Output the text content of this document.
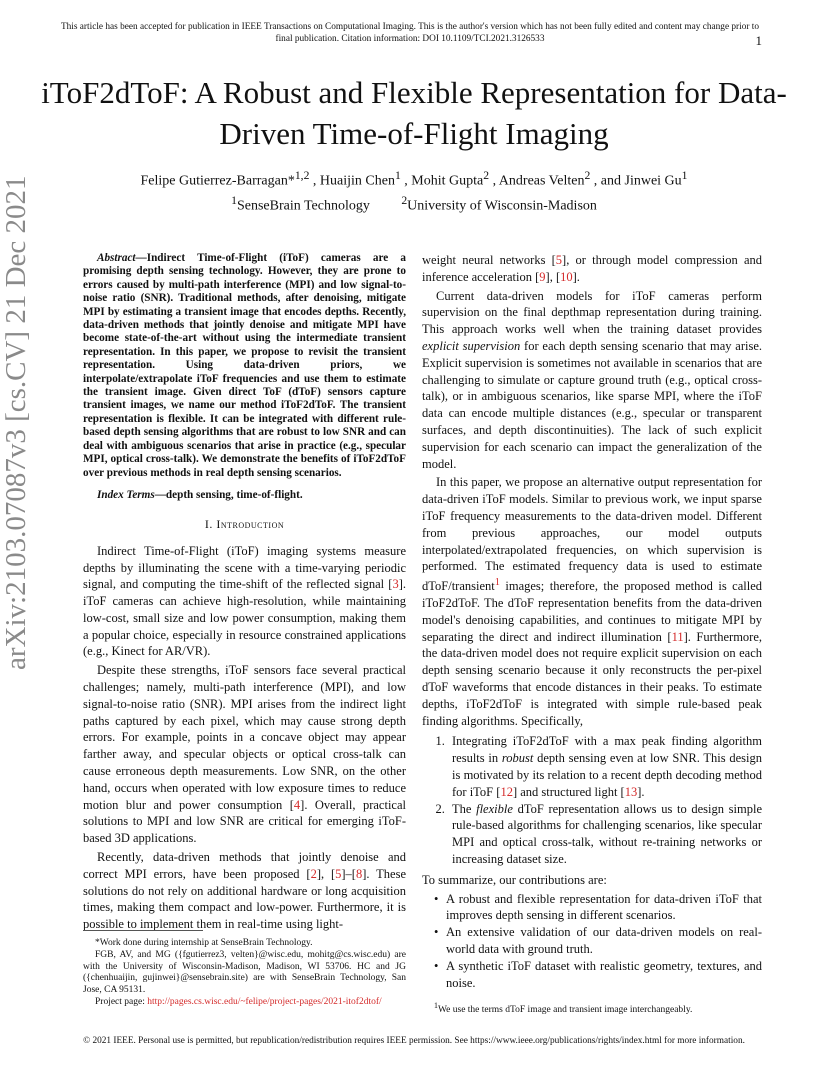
This article has been accepted for publication in IEEE Transactions on Computational Imaging. This is the author's version which has not been fully edited and content may change prior to final publication. Citation information: DOI 10.1109/TCI.2021.3126533	1
iToF2dToF: A Robust and Flexible Representation for Data-Driven Time-of-Flight Imaging
Felipe Gutierrez-Barragan*$^{1,2}$ , Huaijin Chen$^1$ , Mohit Gupta$^2$ , Andreas Velten$^2$ , and Jinwei Gu$^1$
$^1$SenseBrain Technology         $^2$University of Wisconsin-Madison
arXiv:2103.07087v3 [cs.CV] 21 Dec 2021	Abstract—Indirect Time-of-Flight (iToF) cameras are a promising depth sensing technology. However, they are prone to errors caused by multi-path interference (MPI) and low signal-to-noise ratio (SNR). Traditional methods, after denoising, mitigate MPI by estimating a transient image that encodes depths. Recently, data-driven methods that jointly denoise and mitigate MPI have become state-of-the-art without using the intermediate transient representation. In this paper, we propose to revisit the transient representation. Using data-driven priors, we interpolate/extrapolate iToF frequencies and use them to estimate the transient image. Given direct ToF (dToF) sensors capture transient images, we name our method iToF2dToF. The transient representation is flexible. It can be integrated with different rule-based depth sensing algorithms that are robust to low SNR and can deal with ambiguous scenarios that arise in practice (e.g., specular MPI, optical cross-talk). We demonstrate the benefits of iToF2dToF over previous methods in real depth sensing scenarios.

Index Terms—depth sensing, time-of-flight.

I. Introduction

Indirect Time-of-Flight (iToF) imaging systems measure depths by illuminating the scene with a time-varying periodic signal, and computing the time-shift of the reflected signal [3]. iToF cameras can achieve high-resolution, while maintaining low-cost, small size and low power consumption, making them a popular choice, especially in resource constrained applications (e.g., Kinect for AR/VR).

Despite these strengths, iToF sensors face several practical challenges; namely, multi-path interference (MPI), and low signal-to-noise ratio (SNR). MPI arises from the indirect light paths captured by each pixel, which may cause strong depth errors. For example, points in a concave object may appear farther away, and specular objects or optical cross-talk can cause erroneous depth measurements. Low SNR, on the other hand, occurs when operated with low exposure times to reduce motion blur and power consumption [4]. Overall, practical solutions to MPI and low SNR are critical for emerging iToF-based 3D applications.

Recently, data-driven methods that jointly denoise and correct MPI errors, have been proposed [2], [5]–[8]. These solutions do not rely on additional hardware or long acquisition times, making them compact and low-power. Furthermore, it is possible to implement them in real-time using light-

*Work done during internship at SenseBrain Technology.

FGB, AV, and MG ({fgutierrez3, velten}@wisc.edu, mohitg@cs.wisc.edu) are with the University of Wisconsin-Madison, Madison, WI 53706. HC and JG ({chenhuaijin, gujinwei}@sensebrain.site) are with SenseBrain Technology, San Jose, CA 95131.

Project page: http://pages.cs.wisc.edu/~felipe/project-pages/2021-itof2dtof/

weight neural networks [5], or through model compression and inference acceleration [9], [10].

Current data-driven models for iToF cameras perform supervision on the final depthmap representation during training. This approach works well when the training dataset provides explicit supervision for each depth sensing scenario that may arise. Explicit supervision is sometimes not available in scenarios that are challenging to simulate or capture ground truth (e.g., optical cross-talk), or in ambiguous scenarios, like sparse MPI, where the iToF data can encode multiple distances (e.g., specular or transparent surfaces, and depth discontinuities). The lack of such explicit supervision for each scenario can impact the generalization of the model.

In this paper, we propose an alternative output representation for data-driven iToF models. Similar to previous work, we input sparse iToF frequency measurements to the data-driven model. Different from previous approaches, our model outputs interpolated/extrapolated frequencies, on which supervision is performed. The estimated frequency data is used to estimate dToF/transient$^1$ images; therefore, the proposed method is called iToF2dToF. The dToF representation benefits from the data-driven model's denoising capabilities, and continues to mitigate MPI by separating the direct and indirect illumination [11]. Furthermore, the data-driven model does not require explicit supervision on each depth sensing scenario because it only reconstructs the per-pixel dToF waveforms that encode distances in their peaks. To estimate depths, iToF2dToF is integrated with simple rule-based peak finding algorithms. Specifically,

1. Integrating iToF2dToF with a max peak finding algorithm results in robust depth sensing even at low SNR. This design is motivated by its relation to a recent depth decoding method for iToF [12] and structured light [13].
2. The flexible dToF representation allows us to design simple rule-based algorithms for challenging scenarios, like specular MPI and optical cross-talk, without re-training networks or increasing dataset size.

To summarize, our contributions are:

• A robust and flexible representation for data-driven iToF that improves depth sensing in different scenarios.
• An extensive validation of our data-driven models on real-world data with ground truth.
• A synthetic iToF dataset with realistic geometry, textures, and noise.
$^1$We use the terms dToF image and transient image interchangeably.
© 2021 IEEE. Personal use is permitted, but republication/redistribution requires IEEE permission. See https://www.ieee.org/publications/rights/index.html for more information.
